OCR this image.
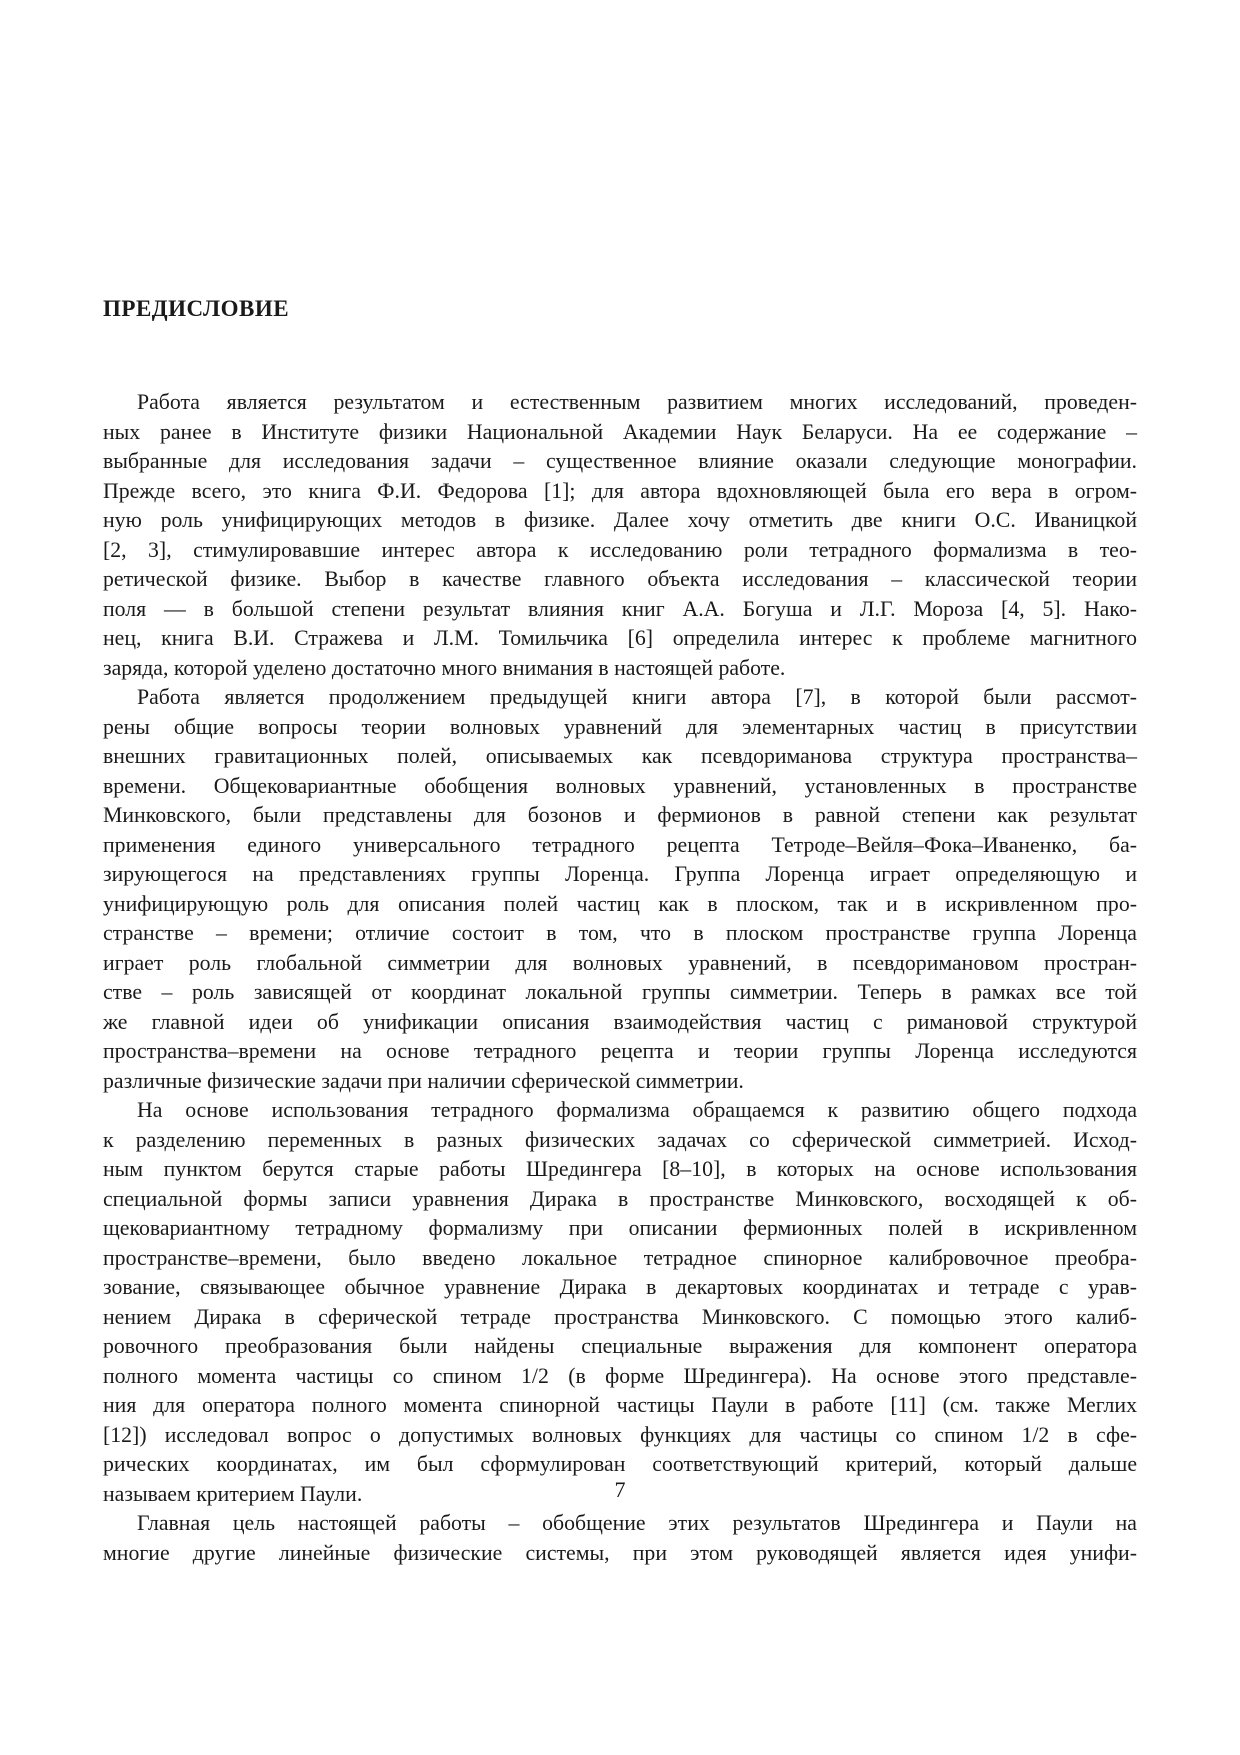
ПРЕДИСЛОВИЕ
Работа является результатом и естественным развитием многих исследований, проведен-
ных ранее в Институте физики Национальной Академии Наук Беларуси. На ее содержание –
выбранные для исследования задачи – существенное влияние оказали следующие монографии.
Прежде всего, это книга Ф.И. Федорова [1]; для автора вдохновляющей была его вера в огром-
ную роль унифицирующих методов в физике. Далее хочу отметить две книги О.С. Иваницкой
[2, 3], стимулировавшие интерес автора к исследованию роли тетрадного формализма в тео-
ретической физике. Выбор в качестве главного объекта исследования – классической теории
поля — в большой степени результат влияния книг А.А. Богуша и Л.Г. Мороза [4, 5]. Нако-
нец, книга В.И. Стражева и Л.М. Томильчика [6] определила интерес к проблеме магнитного
заряда, которой уделено достаточно много внимания в настоящей работе.
Работа является продолжением предыдущей книги автора [7], в которой были рассмот-
рены общие вопросы теории волновых уравнений для элементарных частиц в присутствии
внешних гравитационных полей, описываемых как псевдориманова структура пространства–
времени. Общековариантные обобщения волновых уравнений, установленных в пространстве
Минковского, были представлены для бозонов и фермионов в равной степени как результат
применения единого универсального тетрадного рецепта Тетроде–Вейля–Фока–Иваненко, ба-
зирующегося на представлениях группы Лоренца. Группа Лоренца играет определяющую и
унифицирующую роль для описания полей частиц как в плоском, так и в искривленном про-
странстве – времени; отличие состоит в том, что в плоском пространстве группа Лоренца
играет роль глобальной симметрии для волновых уравнений, в псевдоримановом простран-
стве – роль зависящей от координат локальной группы симметрии. Теперь в рамках все той
же главной идеи об унификации описания взаимодействия частиц с римановой структурой
пространства–времени на основе тетрадного рецепта и теории группы Лоренца исследуются
различные физические задачи при наличии сферической симметрии.
На основе использования тетрадного формализма обращаемся к развитию общего подхода
к разделению переменных в разных физических задачах со сферической симметрией. Исход-
ным пунктом берутся старые работы Шредингера [8–10], в которых на основе использования
специальной формы записи уравнения Дирака в пространстве Минковского, восходящей к об-
щековариантному тетрадному формализму при описании фермионных полей в искривленном
пространстве–времени, было введено локальное тетрадное спинорное калибровочное преобра-
зование, связывающее обычное уравнение Дирака в декартовых координатах и тетраде с урав-
нением Дирака в сферической тетраде пространства Минковского. С помощью этого калиб-
ровочного преобразования были найдены специальные выражения для компонент оператора
полного момента частицы со спином 1/2 (в форме Шредингера). На основе этого представле-
ния для оператора полного момента спинорной частицы Паули в работе [11] (см. также Меглих
[12]) исследовал вопрос о допустимых волновых функциях для частицы со спином 1/2 в сфе-
рических координатах, им был сформулирован соответствующий критерий, который дальше
называем критерием Паули.
Главная цель настоящей работы – обобщение этих результатов Шредингера и Паули на
многие другие линейные физические системы, при этом руководящей является идея унифи-
7
